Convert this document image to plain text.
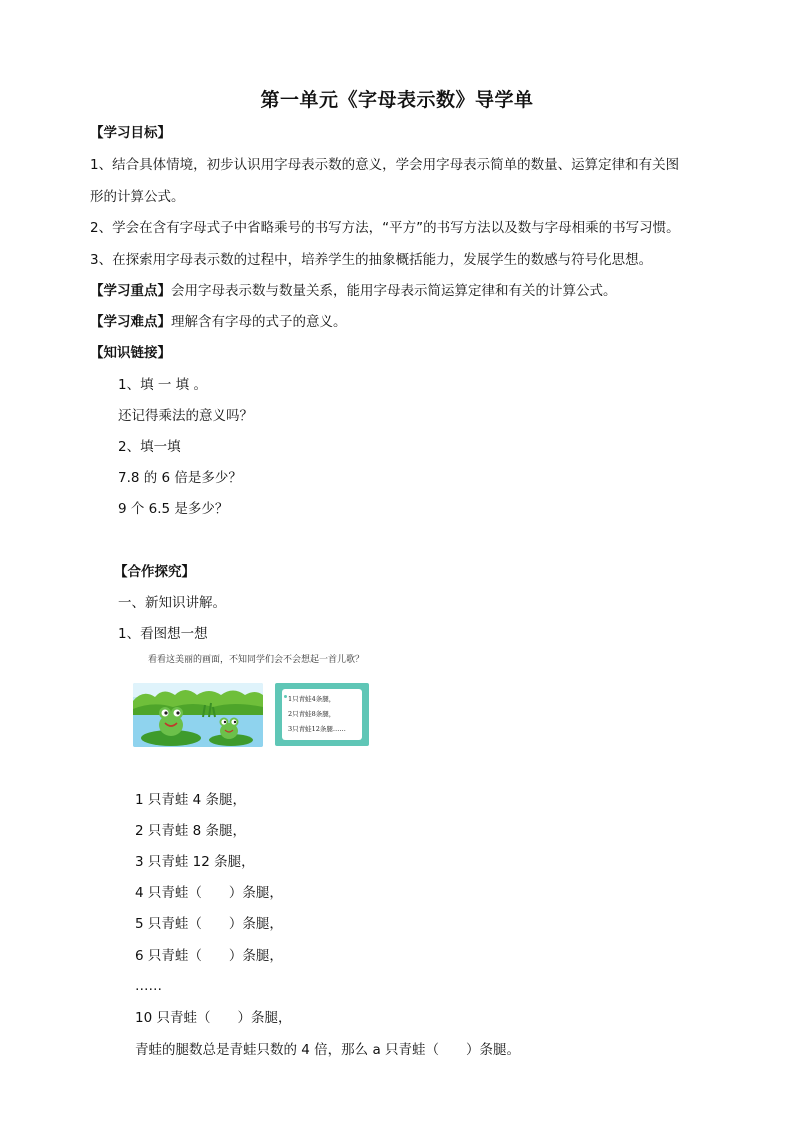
第一单元《字母表示数》导学单
【学习目标】
1、结合具体情境，初步认识用字母表示数的意义，学会用字母表示简单的数量、运算定律和有关图
形的计算公式。
2、学会在含有字母式子中省略乘号的书写方法，“平方”的书写方法以及数与字母相乘的书写习惯。
3、在探索用字母表示数的过程中，培养学生的抽象概括能力，发展学生的数感与符号化思想。
【学习重点】会用字母表示数与数量关系，能用字母表示简运算定律和有关的计算公式。
【学习难点】理解含有字母的式子的意义。
【知识链接】
1、填 一 填 。
还记得乘法的意义吗？
2、填一填
7.8 的 6 倍是多少？
9 个 6.5 是多少？
【合作探究】
一、新知识讲解。
1、看图想一想
看看这美丽的画面，不知同学们会不会想起一首儿歌？
1只青蛙4条腿，
2只青蛙8条腿，
3只青蛙12条腿……
1 只青蛙 4 条腿，
2 只青蛙 8 条腿，
3 只青蛙 12 条腿，
4 只青蛙（　　）条腿，
5 只青蛙（　　）条腿，
6 只青蛙（　　）条腿，
……
10 只青蛙（　　）条腿，
青蛙的腿数总是青蛙只数的 4 倍，那么 a 只青蛙（　　）条腿。
